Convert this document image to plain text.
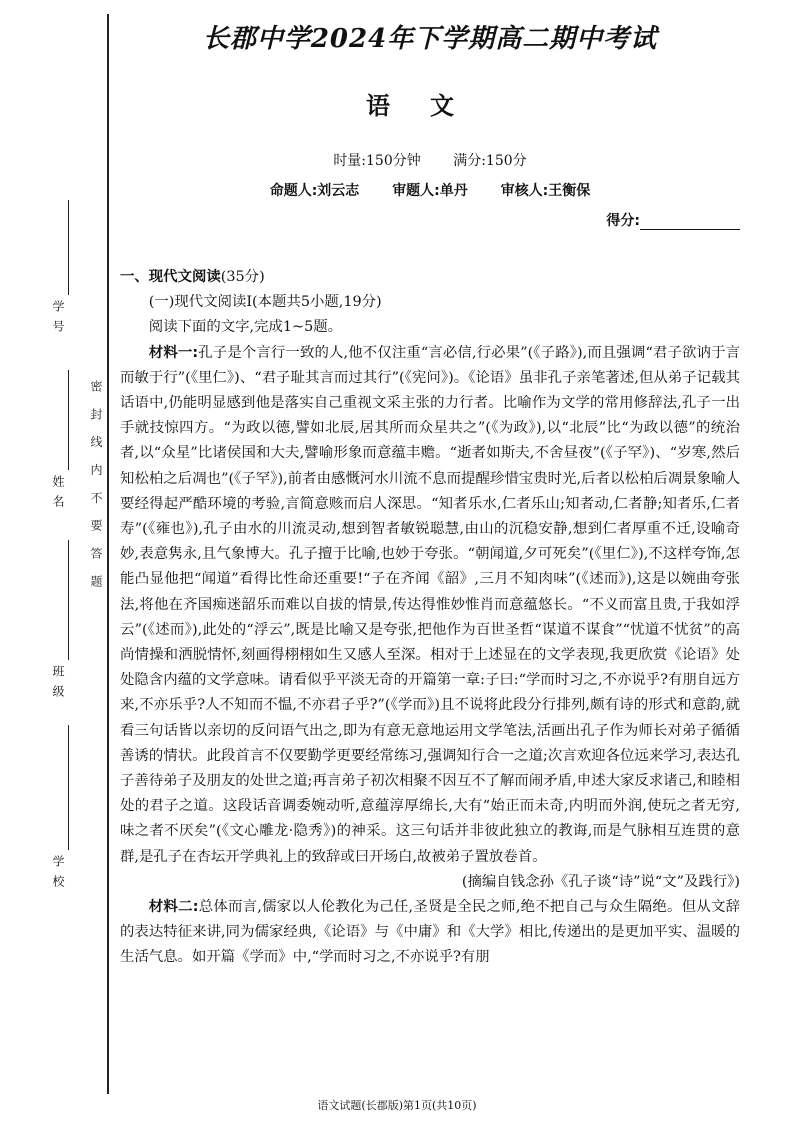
学 号
姓 名
班 级
学 校
密 封 线 内 不 要 答 题
长郡中学2024年下学期高二期中考试
语文
时量:150分钟 满分:150分
命题人:刘云志 审题人:单丹 审核人:王衡保
得分:

一、现代文阅读(35分)

(一)现代文阅读Ⅰ(本题共5小题,19分)

阅读下面的文字,完成1~5题。

材料一:孔子是个言行一致的人,他不仅注重“言必信,行必果”(《子路》),而且强调“君子欲讷于言而敏于行”(《里仁》)、“君子耻其言而过其行”(《宪问》)。《论语》虽非孔子亲笔著述,但从弟子记载其话语中,仍能明显感到他是落实自己重视文采主张的力行者。比喻作为文学的常用修辞法,孔子一出手就技惊四方。“为政以德,譬如北辰,居其所而众星共之”(《为政》),以“北辰”比“为政以德”的统治者,以“众星”比诸侯国和大夫,譬喻形象而意蕴丰赡。“逝者如斯夫,不舍昼夜”(《子罕》)、“岁寒,然后知松柏之后凋也”(《子罕》),前者由感慨河水川流不息而提醒珍惜宝贵时光,后者以松柏后凋景象喻人要经得起严酷环境的考验,言简意赅而启人深思。“知者乐水,仁者乐山;知者动,仁者静;知者乐,仁者寿”(《雍也》),孔子由水的川流灵动,想到智者敏锐聪慧,由山的沉稳安静,想到仁者厚重不迁,设喻奇妙,表意隽永,且气象博大。孔子擅于比喻,也妙于夸张。“朝闻道,夕可死矣”(《里仁》),不这样夸饰,怎能凸显他把“闻道”看得比性命还重要!“子在齐闻《韶》,三月不知肉味”(《述而》),这是以婉曲夸张法,将他在齐国痴迷韶乐而难以自拔的情景,传达得惟妙惟肖而意蕴悠长。“不义而富且贵,于我如浮云”(《述而》),此处的“浮云”,既是比喻又是夸张,把他作为百世圣哲“谋道不谋食”“忧道不忧贫”的高尚情操和洒脱情怀,刻画得栩栩如生又感人至深。相对于上述显在的文学表现,我更欣赏《论语》处处隐含内蕴的文学意味。请看似乎平淡无奇的开篇第一章:子曰:“学而时习之,不亦说乎?有朋自远方来,不亦乐乎?人不知而不愠,不亦君子乎?”(《学而》)且不说将此段分行排列,颇有诗的形式和意韵,就看三句话皆以亲切的反问语气出之,即为有意无意地运用文学笔法,活画出孔子作为师长对弟子循循善诱的情状。此段首言不仅要勤学更要经常练习,强调知行合一之道;次言欢迎各位远来学习,表达孔子善待弟子及朋友的处世之道;再言弟子初次相聚不因互不了解而闹矛盾,申述大家反求诸己,和睦相处的君子之道。这段话音调委婉动听,意蕴淳厚绵长,大有“始正而未奇,内明而外润,使玩之者无穷,味之者不厌矣”(《文心雕龙·隐秀》)的神采。这三句话并非彼此独立的教诲,而是气脉相互连贯的意群,是孔子在杏坛开学典礼上的致辞或曰开场白,故被弟子置放卷首。

(摘编自钱念孙《孔子谈“诗”说“文”及践行》)

材料二:总体而言,儒家以人伦教化为己任,圣贤是全民之师,绝不把自己与众生隔绝。但从文辞的表达特征来讲,同为儒家经典,《论语》与《中庸》和《大学》相比,传递出的是更加平实、温暖的生活气息。如开篇《学而》中,“学而时习之,不亦说乎?有朋

语文试题(长郡版)第1页(共10页)
